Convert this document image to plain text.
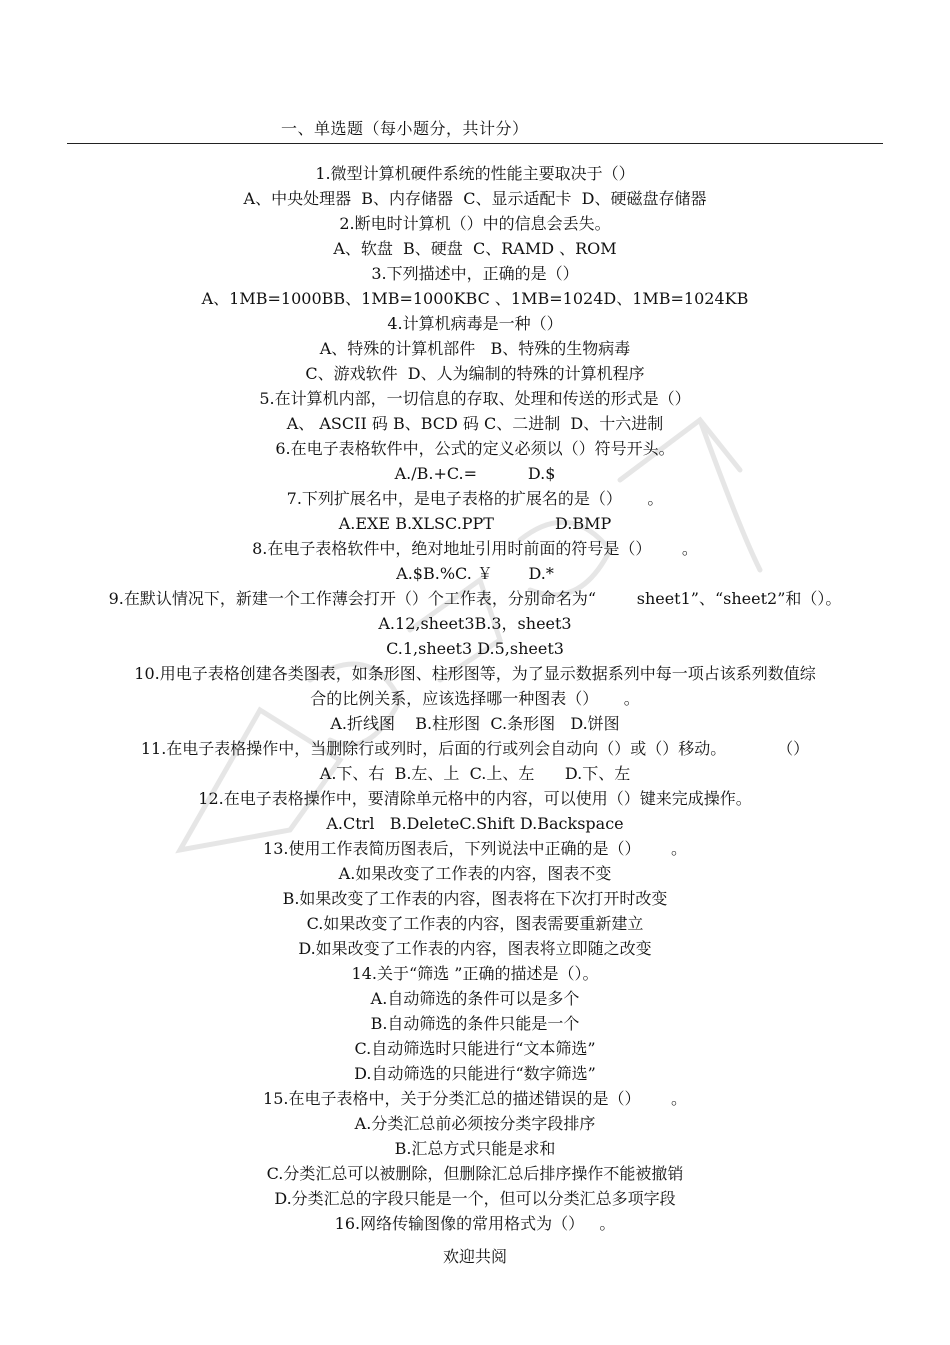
一、单选题（每小题分，共计分）
1.微型计算机硬件系统的性能主要取决于（）
A、中央处理器  B、内存储器  C、显示适配卡  D、硬磁盘存储器
2.断电时计算机（）中的信息会丢失。
A、软盘  B、硬盘  C、RAMD 、ROM
3.下列描述中，正确的是（）
A、1MB=1000BB、1MB=1000KBC 、1MB=1024D、1MB=1024KB
4.计算机病毒是一种（）
A、特殊的计算机部件   B、特殊的生物病毒
C、游戏软件  D、人为编制的特殊的计算机程序
5.在计算机内部，一切信息的存取、处理和传送的形式是（）
A、 ASCII 码 B、BCD 码 C、二进制  D、十六进制
6.在电子表格软件中，公式的定义必须以（）符号开头。
A./B.+C.=          D.$
7.下列扩展名中，是电子表格的扩展名的是（）     。
A.EXE B.XLSC.PPT            D.BMP
8.在电子表格软件中，绝对地址引用时前面的符号是（）      。
A.$B.%C. ￥       D.*
9.在默认情况下，新建一个工作薄会打开（）个工作表，分别命名为“        sheet1”、“sheet2”和（）。
A.12,sheet3B.3，sheet3
C.1,sheet3 D.5,sheet3
10.用电子表格创建各类图表，如条形图、柱形图等，为了显示数据系列中每一项占该系列数值综
合的比例关系，应该选择哪一种图表（）     。
A.折线图    B.柱形图  C.条形图   D.饼图
11.在电子表格操作中，当删除行或列时，后面的行或列会自动向（）或（）移动。          （）
A.下、右  B.左、上  C.上、左      D.下、左
12.在电子表格操作中，要清除单元格中的内容，可以使用（）键来完成操作。
A.Ctrl   B.DeleteC.Shift D.Backspace
13.使用工作表简历图表后，下列说法中正确的是（）      。
A.如果改变了工作表的内容，图表不变
B.如果改变了工作表的内容，图表将在下次打开时改变
C.如果改变了工作表的内容，图表需要重新建立
D.如果改变了工作表的内容，图表将立即随之改变
14.关于“筛选 ”正确的描述是（）。
A.自动筛选的条件可以是多个
B.自动筛选的条件只能是一个
C.自动筛选时只能进行“文本筛选”
D.自动筛选的只能进行“数字筛选”
15.在电子表格中，关于分类汇总的描述错误的是（）      。
A.分类汇总前必须按分类字段排序
B.汇总方式只能是求和
C.分类汇总可以被删除，但删除汇总后排序操作不能被撤销
D.分类汇总的字段只能是一个，但可以分类汇总多项字段
16.网络传输图像的常用格式为（）   。
欢迎共阅
